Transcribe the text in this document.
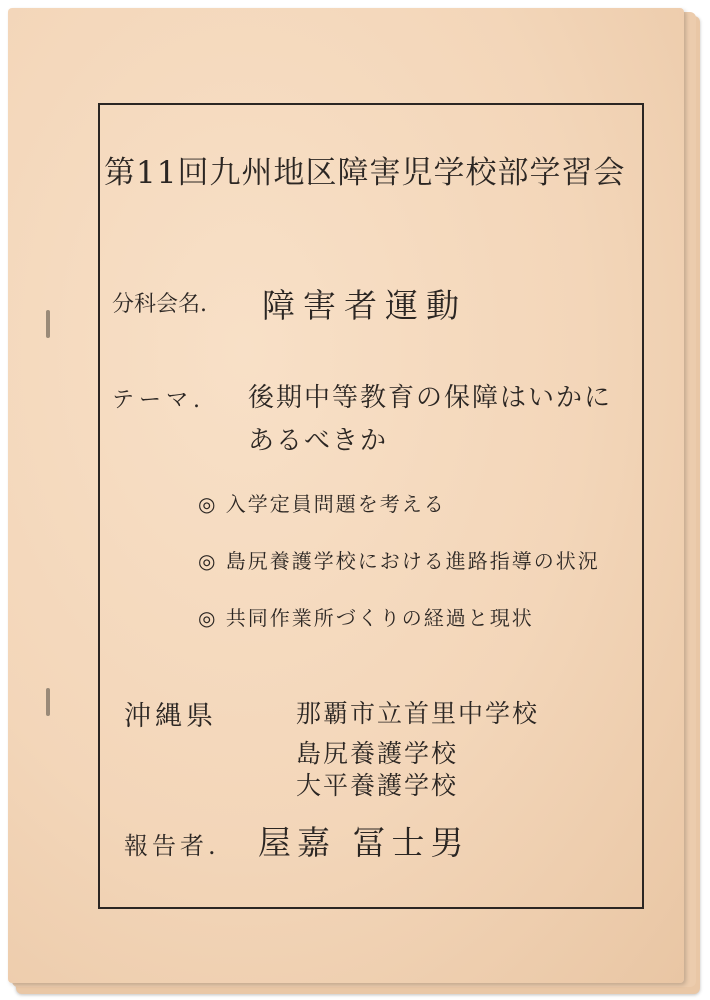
第11回九州地区障害児学校部学習会
分科会名. 障害者運動
テーマ. 後期中等教育の保障はいかに
あるべきか
◎ 入学定員問題を考える
◎ 島尻養護学校における進路指導の状況
◎ 共同作業所づくりの経過と現状
沖縄県	那覇市立首里中学校
島尻養護学校
大平養護学校
報告者. 屋嘉 冨士男
